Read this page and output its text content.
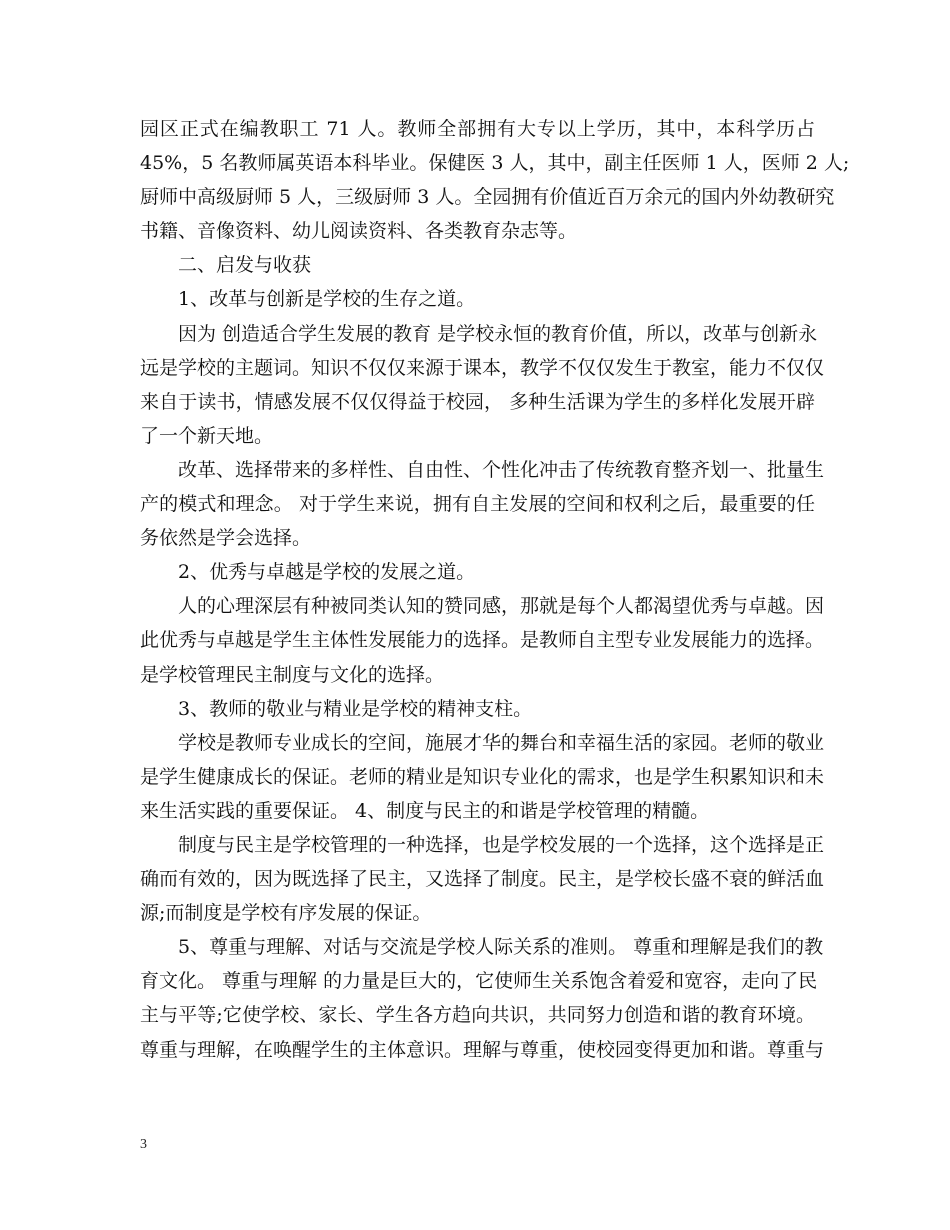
园区正式在编教职工 71 人。教师全部拥有大专以上学历，其中，本科学历占
45%，5 名教师属英语本科毕业。保健医 3 人，其中，副主任医师 1 人，医师 2 人;
厨师中高级厨师 5 人，三级厨师 3 人。全园拥有价值近百万余元的国内外幼教研究
书籍、音像资料、幼儿阅读资料、各类教育杂志等。
二、启发与收获
1、改革与创新是学校的生存之道。
因为 创造适合学生发展的教育 是学校永恒的教育价值，所以，改革与创新永
远是学校的主题词。知识不仅仅来源于课本，教学不仅仅发生于教室，能力不仅仅
来自于读书，情感发展不仅仅得益于校园， 多种生活课为学生的多样化发展开辟
了一个新天地。
改革、选择带来的多样性、自由性、个性化冲击了传统教育整齐划一、批量生
产的模式和理念。 对于学生来说，拥有自主发展的空间和权利之后，最重要的任
务依然是学会选择。
2、优秀与卓越是学校的发展之道。
人的心理深层有种被同类认知的赞同感，那就是每个人都渴望优秀与卓越。因
此优秀与卓越是学生主体性发展能力的选择。是教师自主型专业发展能力的选择。
是学校管理民主制度与文化的选择。
3、教师的敬业与精业是学校的精神支柱。
学校是教师专业成长的空间，施展才华的舞台和幸福生活的家园。老师的敬业
是学生健康成长的保证。老师的精业是知识专业化的需求，也是学生积累知识和未
来生活实践的重要保证。 4、制度与民主的和谐是学校管理的精髓。
制度与民主是学校管理的一种选择，也是学校发展的一个选择，这个选择是正
确而有效的，因为既选择了民主，又选择了制度。民主，是学校长盛不衰的鲜活血
源;而制度是学校有序发展的保证。
5、尊重与理解、对话与交流是学校人际关系的准则。 尊重和理解是我们的教
育文化。 尊重与理解 的力量是巨大的，它使师生关系饱含着爱和宽容，走向了民
主与平等;它使学校、家长、学生各方趋向共识，共同努力创造和谐的教育环境。
尊重与理解，在唤醒学生的主体意识。理解与尊重，使校园变得更加和谐。尊重与
3
